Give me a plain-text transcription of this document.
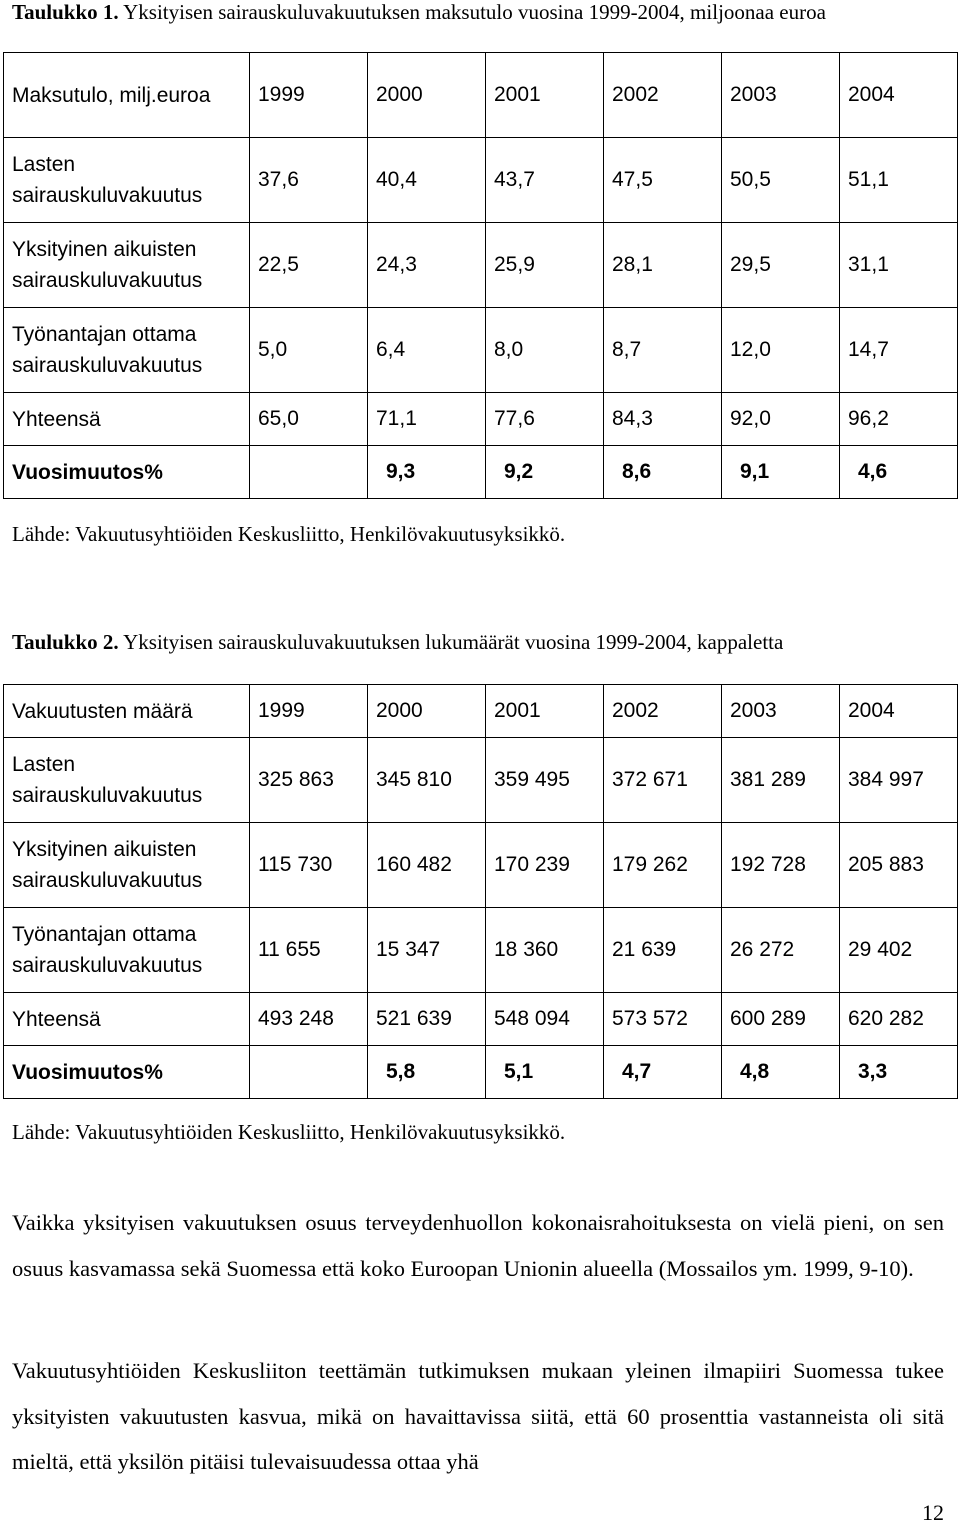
Taulukko 1. Yksityisen sairauskuluvakuutuksen maksutulo vuosina 1999-2004, miljoonaa euroa
Maksutulo, milj.euroa	1999	2000	2001	2002	2003	2004
Lasten sairauskuluvakuutus	37,6	40,4	43,7	47,5	50,5	51,1
Yksityinen aikuisten sairauskuluvakuutus	22,5	24,3	25,9	28,1	29,5	31,1
Työnantajan ottama sairauskuluvakuutus	5,0	6,4	8,0	8,7	12,0	14,7
Yhteensä	65,0	71,1	77,6	84,3	92,0	96,2
Vuosimuutos%		9,3	9,2	8,6	9,1	4,6
Lähde: Vakuutusyhtiöiden Keskusliitto, Henkilövakuutusyksikkö.
Taulukko 2. Yksityisen sairauskuluvakuutuksen lukumäärät vuosina 1999-2004, kappaletta
Vakuutusten määrä	1999	2000	2001	2002	2003	2004
Lasten sairauskuluvakuutus	325 863	345 810	359 495	372 671	381 289	384 997
Yksityinen aikuisten sairauskuluvakuutus	115 730	160 482	170 239	179 262	192 728	205 883
Työnantajan ottama sairauskuluvakuutus	11 655	15 347	18 360	21 639	26 272	29 402
Yhteensä	493 248	521 639	548 094	573 572	600 289	620 282
Vuosimuutos%		5,8	5,1	4,7	4,8	3,3
Lähde: Vakuutusyhtiöiden Keskusliitto, Henkilövakuutusyksikkö.
Vaikka yksityisen vakuutuksen osuus terveydenhuollon kokonaisrahoituksesta on vielä pieni, on sen osuus kasvamassa sekä Suomessa että koko Euroopan Unionin alueella (Mossailos ym. 1999, 9-10).
Vakuutusyhtiöiden Keskusliiton teettämän tutkimuksen mukaan yleinen ilmapiiri Suomessa tukee yksityisten vakuutusten kasvua, mikä on havaittavissa siitä, että 60 prosenttia vastanneista oli sitä mieltä, että yksilön pitäisi tulevaisuudessa ottaa yhä
12
